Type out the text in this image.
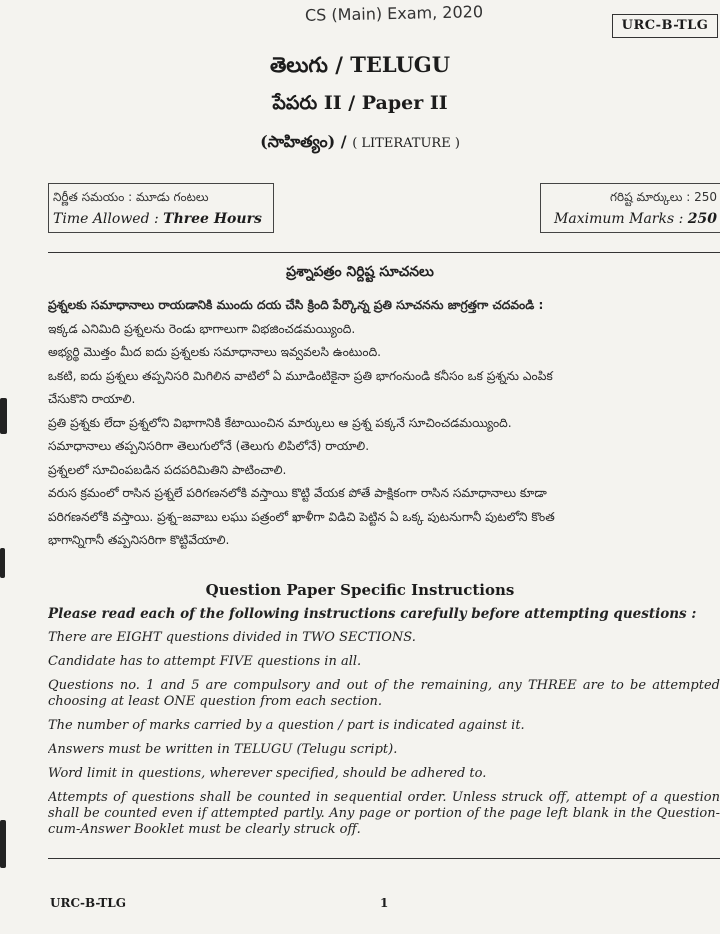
CS (Main) Exam, 2020
URC-B-TLG
తెలుగు / TELUGU
పేపరు II / Paper II
(సాహిత్యం) / ( LITERATURE )
నిర్ణీత సమయం : మూడు గంటలు
Time Allowed : Three Hours
గరిష్ట మార్కులు : 250
Maximum Marks : 250
ప్రశ్నాపత్రం నిర్దిష్ట సూచనలు
ప్రశ్నలకు సమాధానాలు రాయడానికి ముందు దయ చేసి క్రింది పేర్కొన్న ప్రతి సూచనను జాగ్రత్తగా చదవండి :
ఇక్కడ ఎనిమిది ప్రశ్నలను రెండు భాగాలుగా విభజించడమయ్యింది.
అభ్యర్థి మొత్తం మీద ఐదు ప్రశ్నలకు సమాధానాలు ఇవ్వవలసి ఉంటుంది.
ఒకటి, ఐదు ప్రశ్నలు తప్పనిసరి మిగిలిన వాటిలో ఏ మూడింటికైనా ప్రతి భాగంనుండి కనీసం ఒక ప్రశ్నను ఎంపిక
చేసుకొని రాయాలి.
ప్రతి ప్రశ్నకు లేదా ప్రశ్నలోని విభాగానికి కేటాయించిన మార్కులు ఆ ప్రశ్న పక్కనే సూచించడమయ్యింది.
సమాధానాలు తప్పనిసరిగా తెలుగులోనే (తెలుగు లిపిలోనే) రాయాలి.
ప్రశ్నలలో సూచింపబడిన పదపరిమితిని పాటించాలి.
వరుస క్రమంలో రాసిన ప్రశ్నలే పరిగణనలోకి వస్తాయి కొట్టి వేయక పోతే పాక్షికంగా రాసిన సమాధానాలు కూడా
పరిగణనలోకి వస్తాయి. ప్రశ్న–జవాబు లఘు పత్రంలో ఖాళీగా విడిచి పెట్టిన ఏ ఒక్క పుటనుగానీ పుటలోని కొంత
భాగాన్నిగానీ తప్పనిసరిగా కొట్టివేయాలి.
Question Paper Specific Instructions
Please read each of the following instructions carefully before attempting questions :
There are EIGHT questions divided in TWO SECTIONS.
Candidate has to attempt FIVE questions in all.
Questions no. 1 and 5 are compulsory and out of the remaining, any THREE are to be attempted choosing at least ONE question from each section.
The number of marks carried by a question / part is indicated against it.
Answers must be written in TELUGU (Telugu script).
Word limit in questions, wherever specified, should be adhered to.
Attempts of questions shall be counted in sequential order. Unless struck off, attempt of a question shall be counted even if attempted partly. Any page or portion of the page left blank in the Question-cum-Answer Booklet must be clearly struck off.
URC-B-TLG	1
